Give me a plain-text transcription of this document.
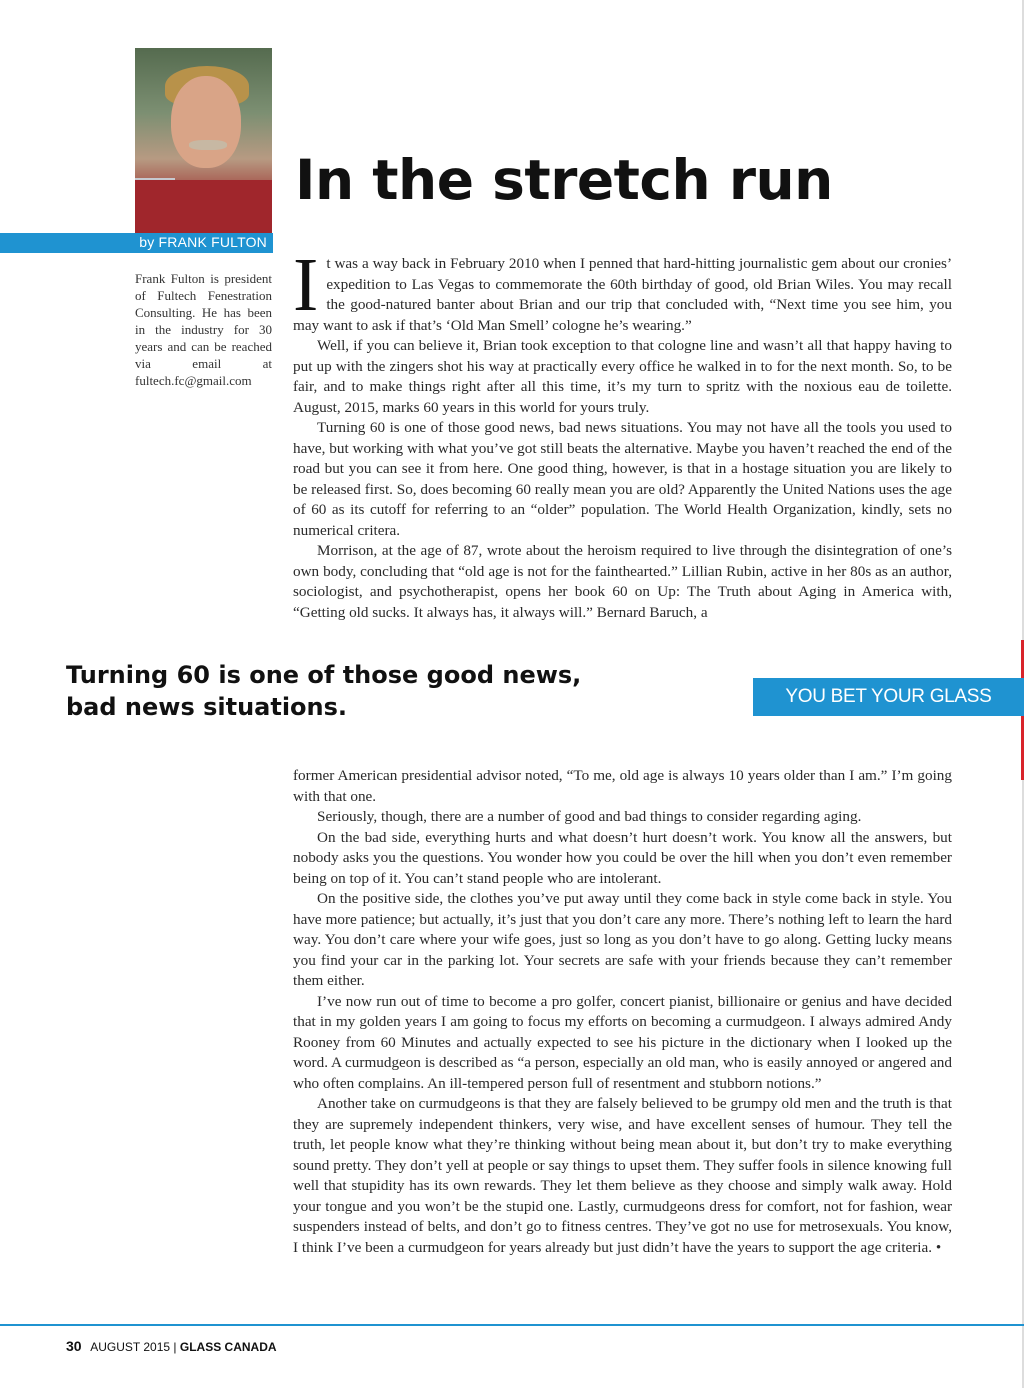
by FRANK FULTON
Frank Fulton is president of Fultech Fenestration Consulting. He has been in the industry for 30 years and can be reached via email at fultech.fc@gmail.com
In the stretch run

It was a way back in February 2010 when I penned that hard-hitting journalistic gem about our cronies’ expedition to Las Vegas to commemorate the 60th birthday of good, old Brian Wiles. You may recall the good-natured banter about Brian and our trip that concluded with, “Next time you see him, you may want to ask if that’s ‘Old Man Smell’ cologne he’s wearing.”

Well, if you can believe it, Brian took exception to that cologne line and wasn’t all that happy having to put up with the zingers shot his way at practically every office he walked in to for the next month. So, to be fair, and to make things right after all this time, it’s my turn to spritz with the noxious eau de toilette. August, 2015, marks 60 years in this world for yours truly.

Turning 60 is one of those good news, bad news situations. You may not have all the tools you used to have, but working with what you’ve got still beats the alternative. Maybe you haven’t reached the end of the road but you can see it from here. One good thing, however, is that in a hostage situation you are likely to be released first. So, does becoming 60 really mean you are old? Apparently the United Nations uses the age of 60 as its cutoff for referring to an “older” population. The World Health Organization, kindly, sets no numerical critera.

Morrison, at the age of 87, wrote about the heroism required to live through the disintegration of one’s own body, concluding that “old age is not for the fainthearted.” Lillian Rubin, active in her 80s as an author, sociologist, and psychotherapist, opens her book 60 on Up: The Truth about Aging in America with, “Getting old sucks. It always has, it always will.” Bernard Baruch, a

Turning 60 is one of those good news, bad news situations.	YOU BET YOUR GLASS

former American presidential advisor noted, “To me, old age is always 10 years older than I am.” I’m going with that one.

Seriously, though, there are a number of good and bad things to consider regarding aging.

On the bad side, everything hurts and what doesn’t hurt doesn’t work. You know all the answers, but nobody asks you the questions. You wonder how you could be over the hill when you don’t even remember being on top of it. You can’t stand people who are intolerant.

On the positive side, the clothes you’ve put away until they come back in style come back in style. You have more patience; but actually, it’s just that you don’t care any more. There’s nothing left to learn the hard way. You don’t care where your wife goes, just so long as you don’t have to go along. Getting lucky means you find your car in the parking lot. Your secrets are safe with your friends because they can’t remember them either.

I’ve now run out of time to become a pro golfer, concert pianist, billionaire or genius and have decided that in my golden years I am going to focus my efforts on becoming a curmudgeon. I always admired Andy Rooney from 60 Minutes and actually expected to see his picture in the dictionary when I looked up the word. A curmudgeon is described as “a person, especially an old man, who is easily annoyed or angered and who often complains. An ill-tempered person full of resentment and stubborn notions.”

Another take on curmudgeons is that they are falsely believed to be grumpy old men and the truth is that they are supremely independent thinkers, very wise, and have excellent senses of humour. They tell the truth, let people know what they’re thinking without being mean about it, but don’t try to make everything sound pretty. They don’t yell at people or say things to upset them. They suffer fools in silence knowing full well that stupidity has its own rewards. They let them believe as they choose and simply walk away. Hold your tongue and you won’t be the stupid one. Lastly, curmudgeons dress for comfort, not for fashion, wear suspenders instead of belts, and don’t go to fitness centres. They’ve got no use for metrosexuals. You know, I think I’ve been a curmudgeon for years already but just didn’t have the years to support the age criteria. •

30 AUGUST 2015 | GLASS CANADA
